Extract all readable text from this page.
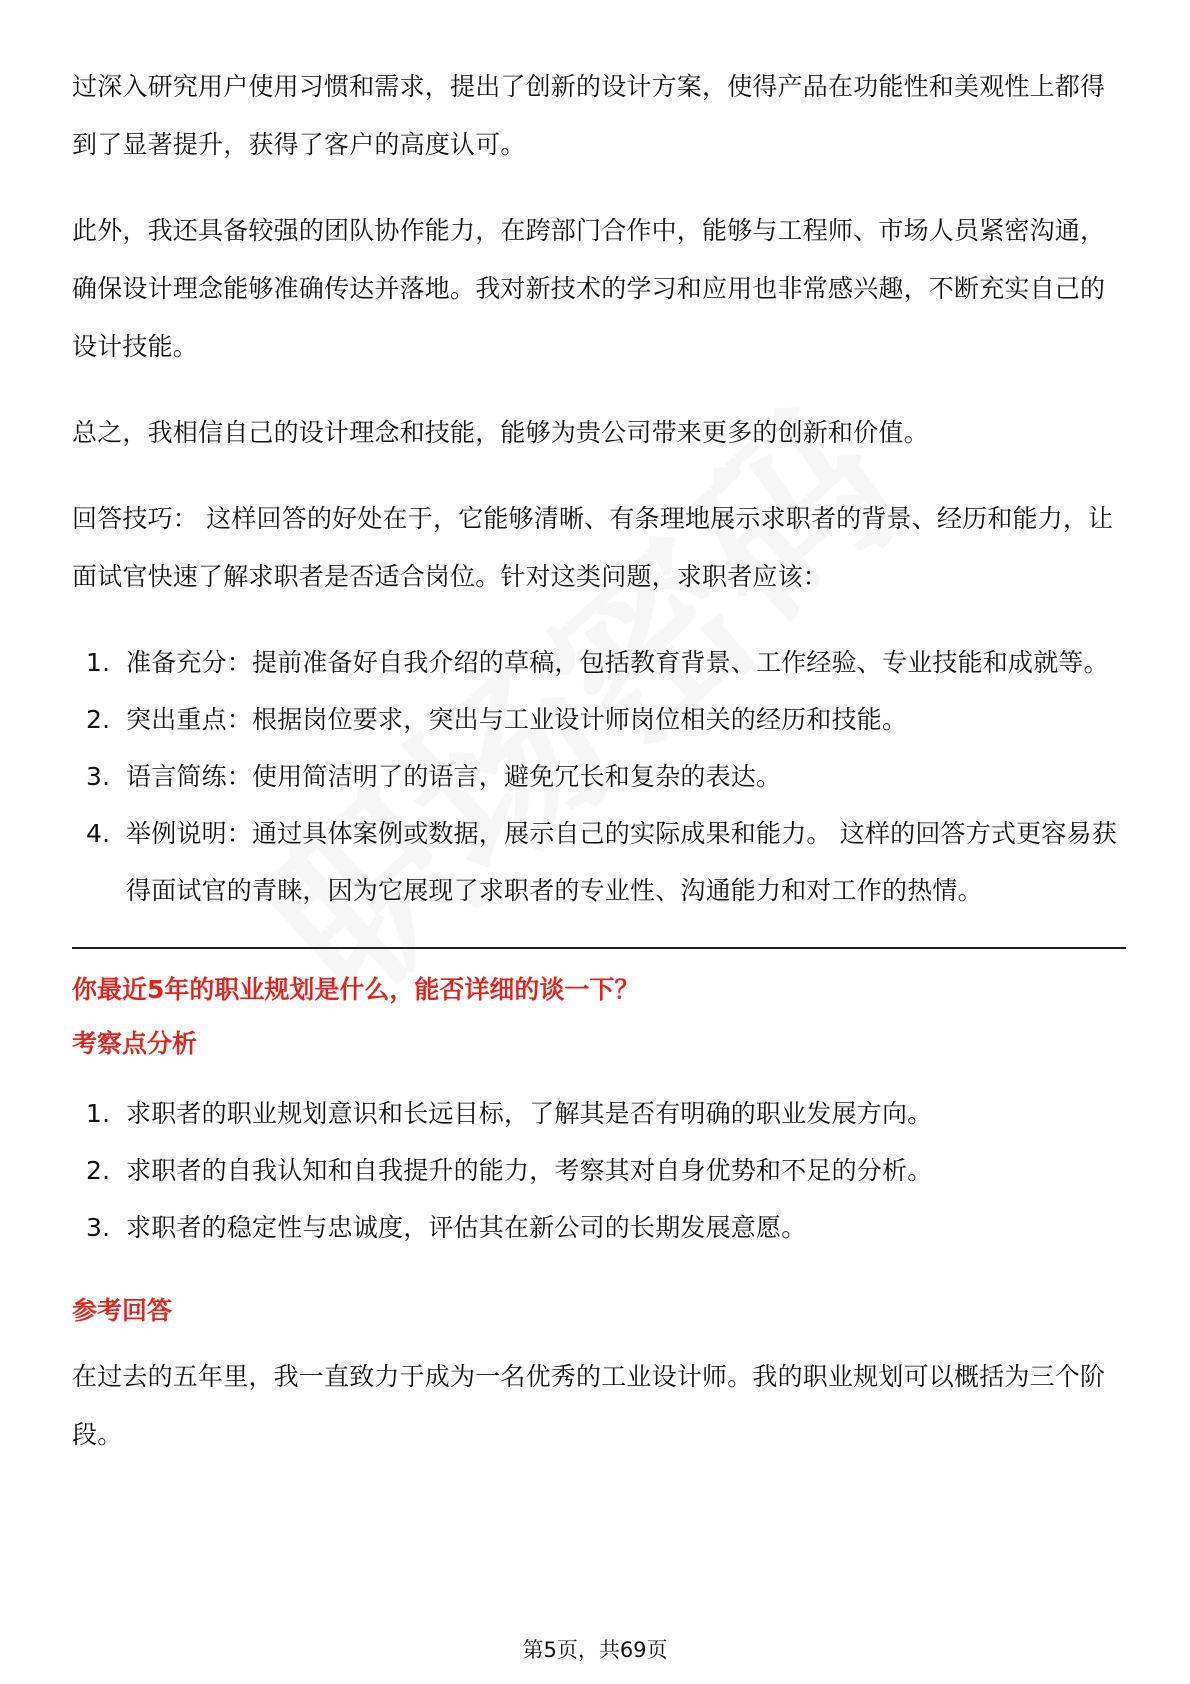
过深入研究用户使用习惯和需求，提出了创新的设计方案，使得产品在功能性和美观性上都得到了显著提升，获得了客户的高度认可。

此外，我还具备较强的团队协作能力，在跨部门合作中，能够与工程师、市场人员紧密沟通，确保设计理念能够准确传达并落地。我对新技术的学习和应用也非常感兴趣，不断充实自己的设计技能。

总之，我相信自己的设计理念和技能，能够为贵公司带来更多的创新和价值。

回答技巧： 这样回答的好处在于，它能够清晰、有条理地展示求职者的背景、经历和能力，让面试官快速了解求职者是否适合岗位。针对这类问题，求职者应该：

1. 准备充分：提前准备好自我介绍的草稿，包括教育背景、工作经验、专业技能和成就等。
2. 突出重点：根据岗位要求，突出与工业设计师岗位相关的经历和技能。
3. 语言简练：使用简洁明了的语言，避免冗长和复杂的表达。
4. 举例说明：通过具体案例或数据，展示自己的实际成果和能力。 这样的回答方式更容易获得面试官的青睐，因为它展现了求职者的专业性、沟通能力和对工作的热情。

你最近5年的职业规划是什么，能否详细的谈一下？

考察点分析

1. 求职者的职业规划意识和长远目标，了解其是否有明确的职业发展方向。
2. 求职者的自我认知和自我提升的能力，考察其对自身优势和不足的分析。
3. 求职者的稳定性与忠诚度，评估其在新公司的长期发展意愿。

参考回答

在过去的五年里，我一直致力于成为一名优秀的工业设计师。我的职业规划可以概括为三个阶段。

第5页，共69页
